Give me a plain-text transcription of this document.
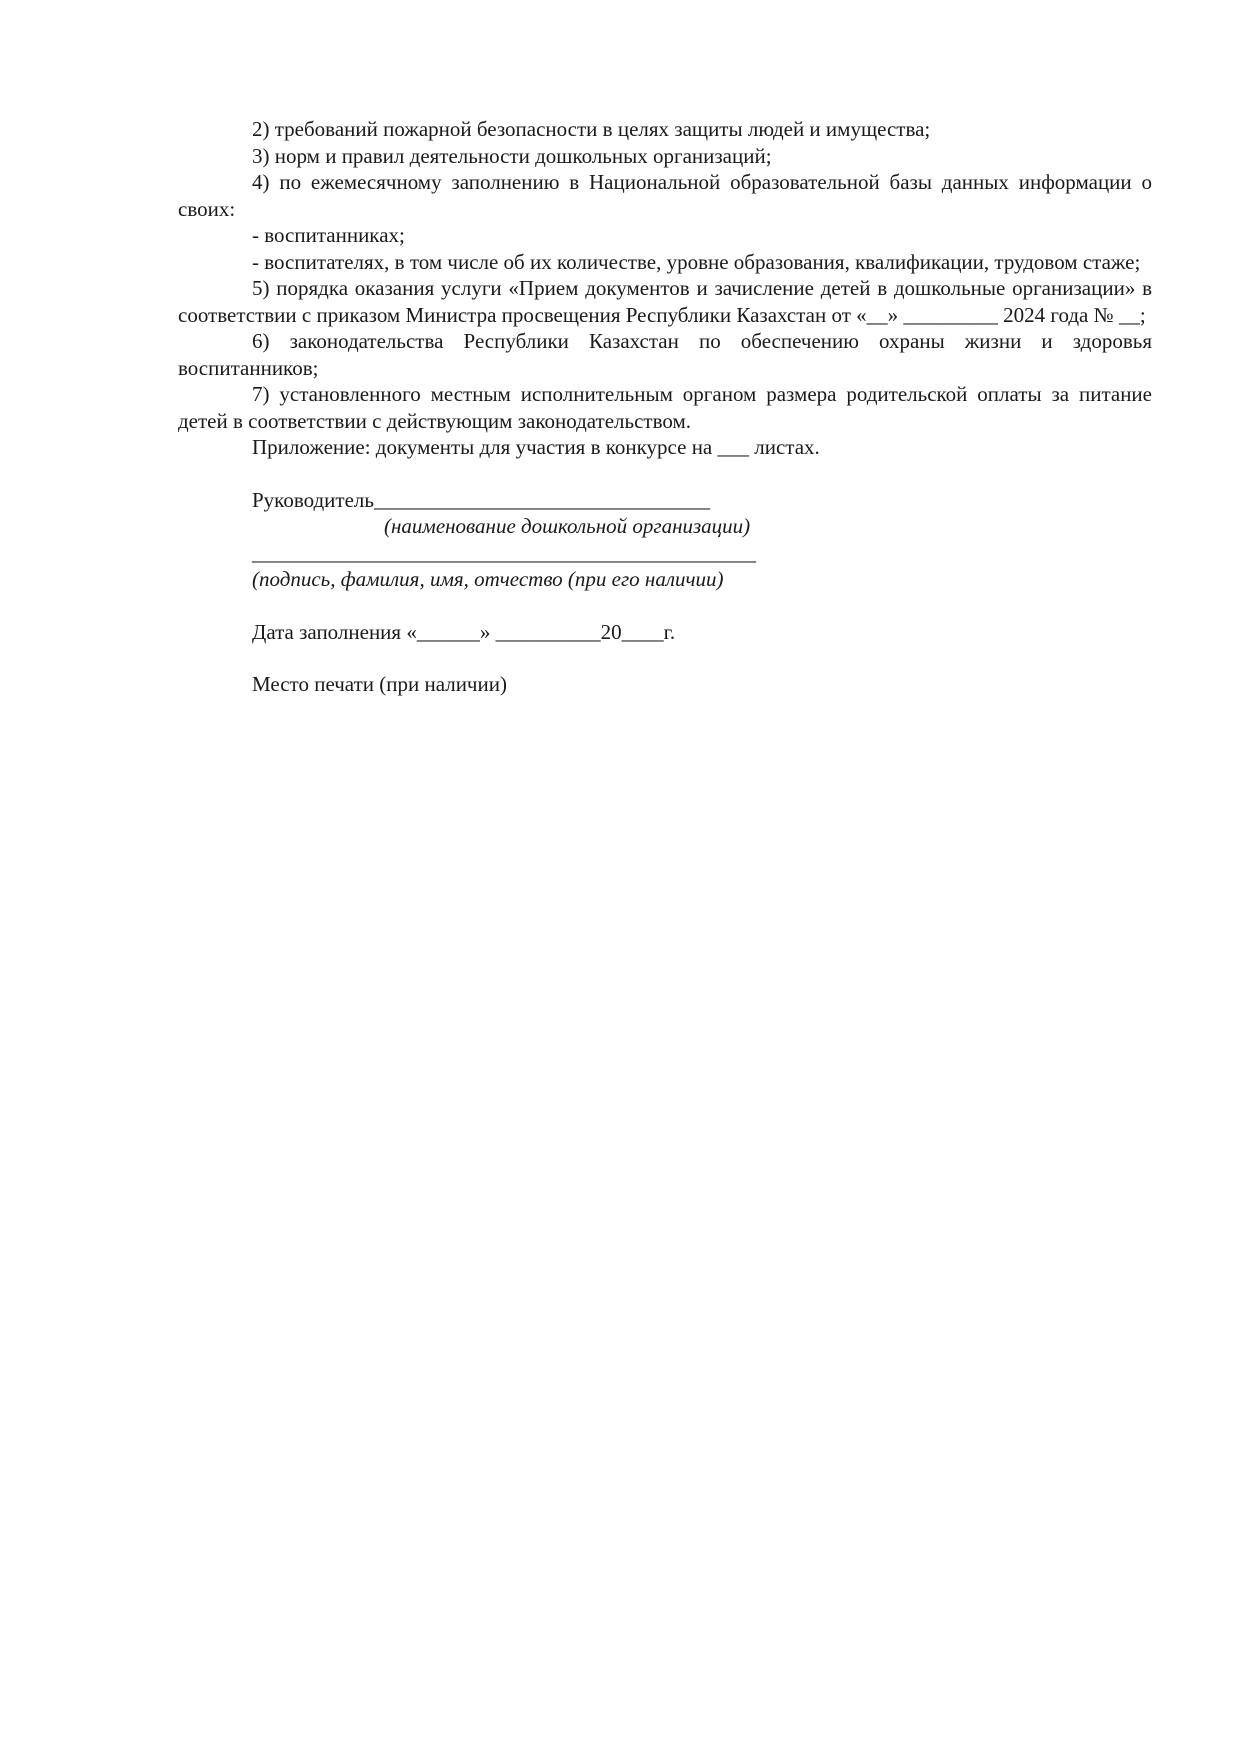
2) требований пожарной безопасности в целях защиты людей и имущества;

3) норм и правил деятельности дошкольных организаций;

4) по ежемесячному заполнению в Национальной образовательной базы данных информации о своих:

- воспитанниках;

- воспитателях, в том числе об их количестве, уровне образования, квалификации, трудовом стаже;

5) порядка оказания услуги «Прием документов и зачисление детей в дошкольные организации» в соответствии с приказом Министра просвещения Республики Казахстан от «__» _________ 2024 года № __;

6) законодательства Республики Казахстан по обеспечению охраны жизни и здоровья воспитанников;

7) установленного местным исполнительным органом размера родительской оплаты за питание детей в соответствии с действующим законодательством.

Приложение: документы для участия в конкурсе на ___ листах.

Руководитель________________________________

(наименование дошкольной организации)

________________________________________________

(подпись, фамилия, имя, отчество (при его наличии)

Дата заполнения «______» __________20____г.

Место печати (при наличии)
